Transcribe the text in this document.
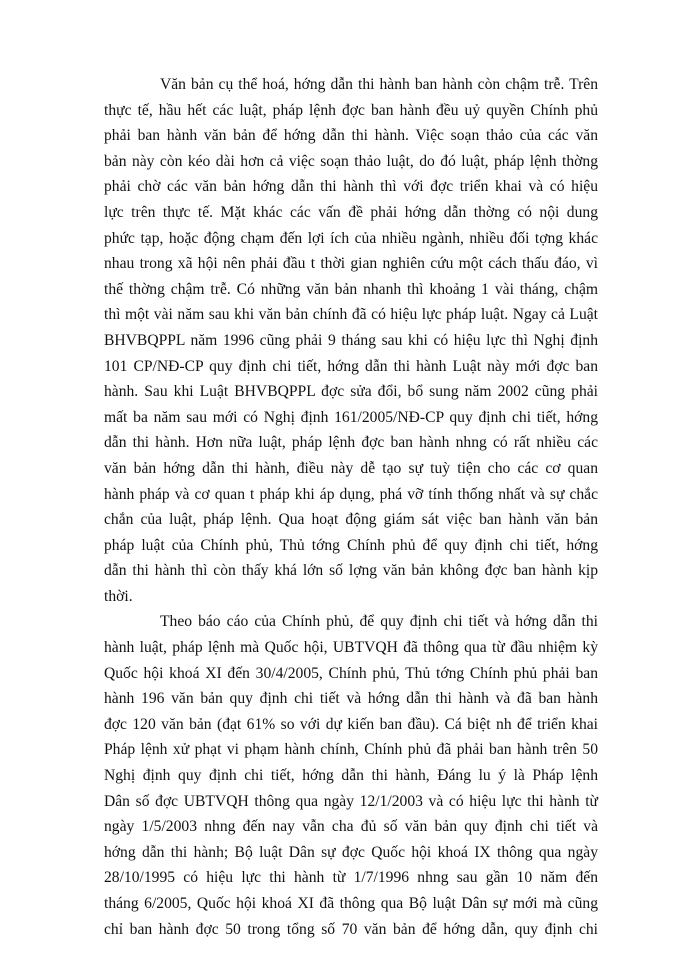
Văn bản cụ thể hoá, hớng dẫn thi hành ban hành còn chậm trễ. Trên
thực tế, hầu hết các luật, pháp lệnh đợc ban hành đều uỷ quyền Chính phủ
phải ban hành văn bản để hớng dẫn thi hành. Việc soạn thảo của các văn
bản này còn kéo dài hơn cả việc soạn thảo luật, do đó luật, pháp lệnh thờng
phải chờ các văn bản hớng dẫn thi hành thì với đợc triển khai và có hiệu
lực trên thực tế. Mặt khác các vấn đề phải hớng dẫn thờng có nội dung
phức tạp, hoặc động chạm đến lợi ích của nhiều ngành, nhiều đối tợng khác
nhau trong xã hội nên phải đầu t thời gian nghiên cứu một cách thấu đáo, vì
thế thờng chậm trễ. Có những văn bản nhanh thì khoảng 1 vài tháng, chậm
thì một vài năm sau khi văn bản chính đã có hiệu lực pháp luật. Ngay cả Luật
BHVBQPPL năm 1996 cũng phải 9 tháng sau khi có hiệu lực thì Nghị định
101 CP/NĐ-CP quy định chi tiết, hớng dẫn thi hành Luật này mới đợc ban
hành. Sau khi Luật BHVBQPPL đợc sửa đổi, bổ sung năm 2002 cũng phải
mất ba năm sau mới có Nghị định 161/2005/NĐ-CP quy định chi tiết, hớng
dẫn thi hành. Hơn nữa luật, pháp lệnh đợc ban hành nhng có rất nhiều các
văn bản hớng dẫn thi hành, điều này dễ tạo sự tuỳ tiện cho các cơ quan
hành pháp và cơ quan t pháp khi áp dụng, phá vỡ tính thống nhất và sự chắc
chắn của luật, pháp lệnh. Qua hoạt động giám sát việc ban hành văn bản
pháp luật của Chính phủ, Thủ tớng Chính phủ để quy định chi tiết, hớng
dẫn thi hành thì còn thấy khá lớn số lợng văn bản không đợc ban hành kịp
thời.
Theo báo cáo của Chính phủ, để quy định chi tiết và hớng dẫn thi
hành luật, pháp lệnh mà Quốc hội, UBTVQH đã thông qua từ đầu nhiệm kỳ
Quốc hội khoá XI đến 30/4/2005, Chính phủ, Thủ tớng Chính phủ phải ban
hành 196 văn bản quy định chi tiết và hớng dẫn thi hành và đã ban hành
đợc 120 văn bản (đạt 61% so với dự kiến ban đầu). Cá biệt nh để triển khai
Pháp lệnh xử phạt vi phạm hành chính, Chính phủ đã phải ban hành trên 50
Nghị định quy định chi tiết, hớng dẫn thi hành, Đáng lu ý là Pháp lệnh
Dân số đợc UBTVQH thông qua ngày 12/1/2003 và có hiệu lực thi hành từ
ngày 1/5/2003 nhng đến nay vẫn cha đủ số văn bản quy định chi tiết và
hớng dẫn thi hành; Bộ luật Dân sự đợc Quốc hội khoá IX thông qua ngày
28/10/1995 có hiệu lực thi hành từ 1/7/1996 nhng sau gần 10 năm đến
tháng 6/2005, Quốc hội khoá XI đã thông qua Bộ luật Dân sự mới mà cũng
chỉ ban hành đợc 50 trong tổng số 70 văn bản để hớng dẫn, quy định chi
